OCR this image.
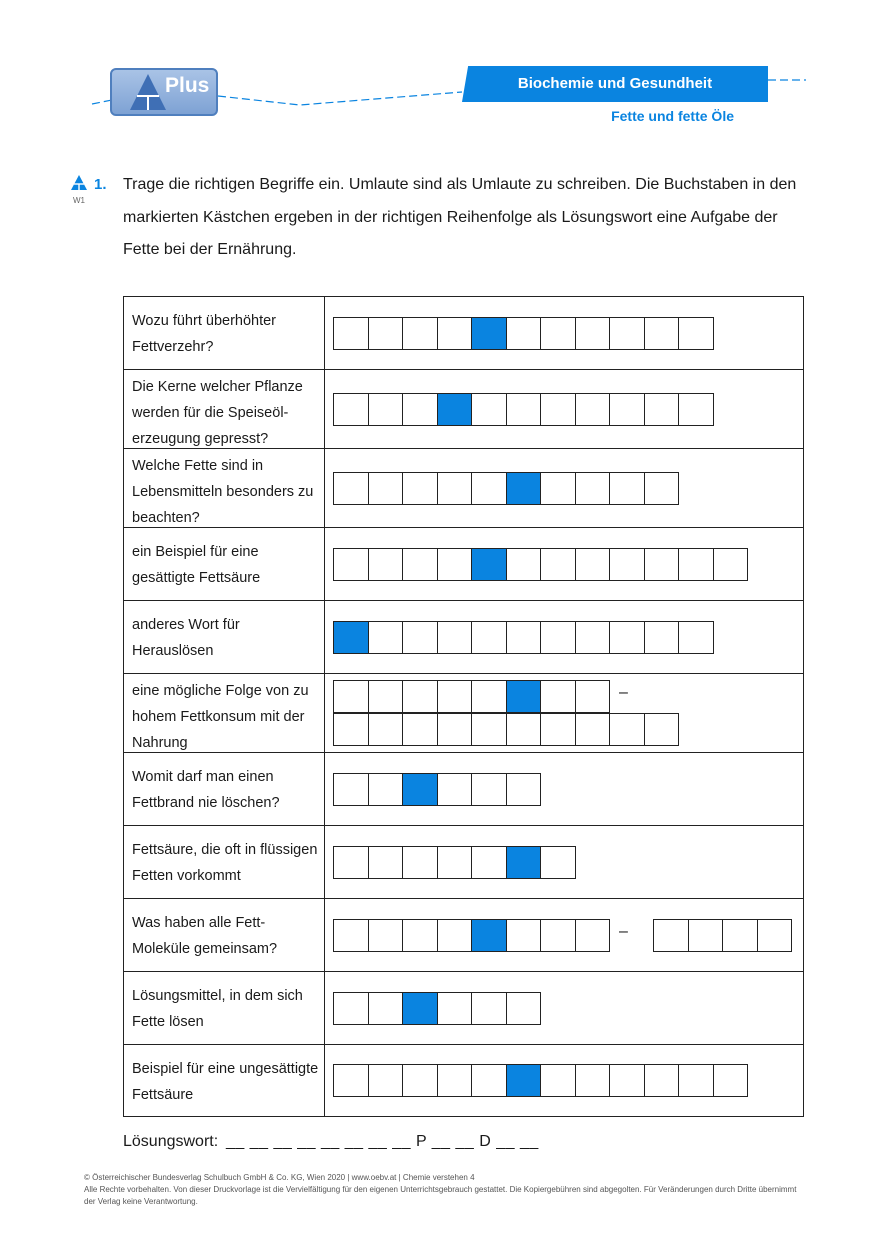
Plus	Biochemie und Gesundheit
Fette und fette Öle
W1
1. Trage die richtigen Begriffe ein. Umlaute sind als Umlaute zu schreiben. Die Buchstaben in den markierten Kästchen ergeben in der richtigen Reihenfolge als Lösungswort eine Aufgabe der Fette bei der Ernährung.
Wozu führt überhöhter Fettverzehr?
Die Kerne welcher Pflanze werden für die Speiseöl-erzeugung gepresst?
Welche Fette sind in Lebensmitteln besonders zu beachten?
ein Beispiel für eine gesättigte Fettsäure
anderes Wort für Herauslösen
eine mögliche Folge von zu hohem Fettkonsum mit der Nahrung
–
Womit darf man einen Fettbrand nie löschen?
Fettsäure, die oft in flüssigen Fetten vorkommt
Was haben alle Fett-Moleküle gemeinsam?
–
Lösungsmittel, in dem sich Fette lösen
Beispiel für eine ungesättigte Fettsäure
Lösungswort: __ __ __ __ __ __ __ __ P __ __ D __ __
© Österreichischer Bundesverlag Schulbuch GmbH & Co. KG, Wien 2020 | www.oebv.at | Chemie verstehen 4
Alle Rechte vorbehalten. Von dieser Druckvorlage ist die Vervielfältigung für den eigenen Unterrichtsgebrauch gestattet. Die Kopiergebühren sind abgegolten. Für Veränderungen durch Dritte übernimmt der Verlag keine Verantwortung.
